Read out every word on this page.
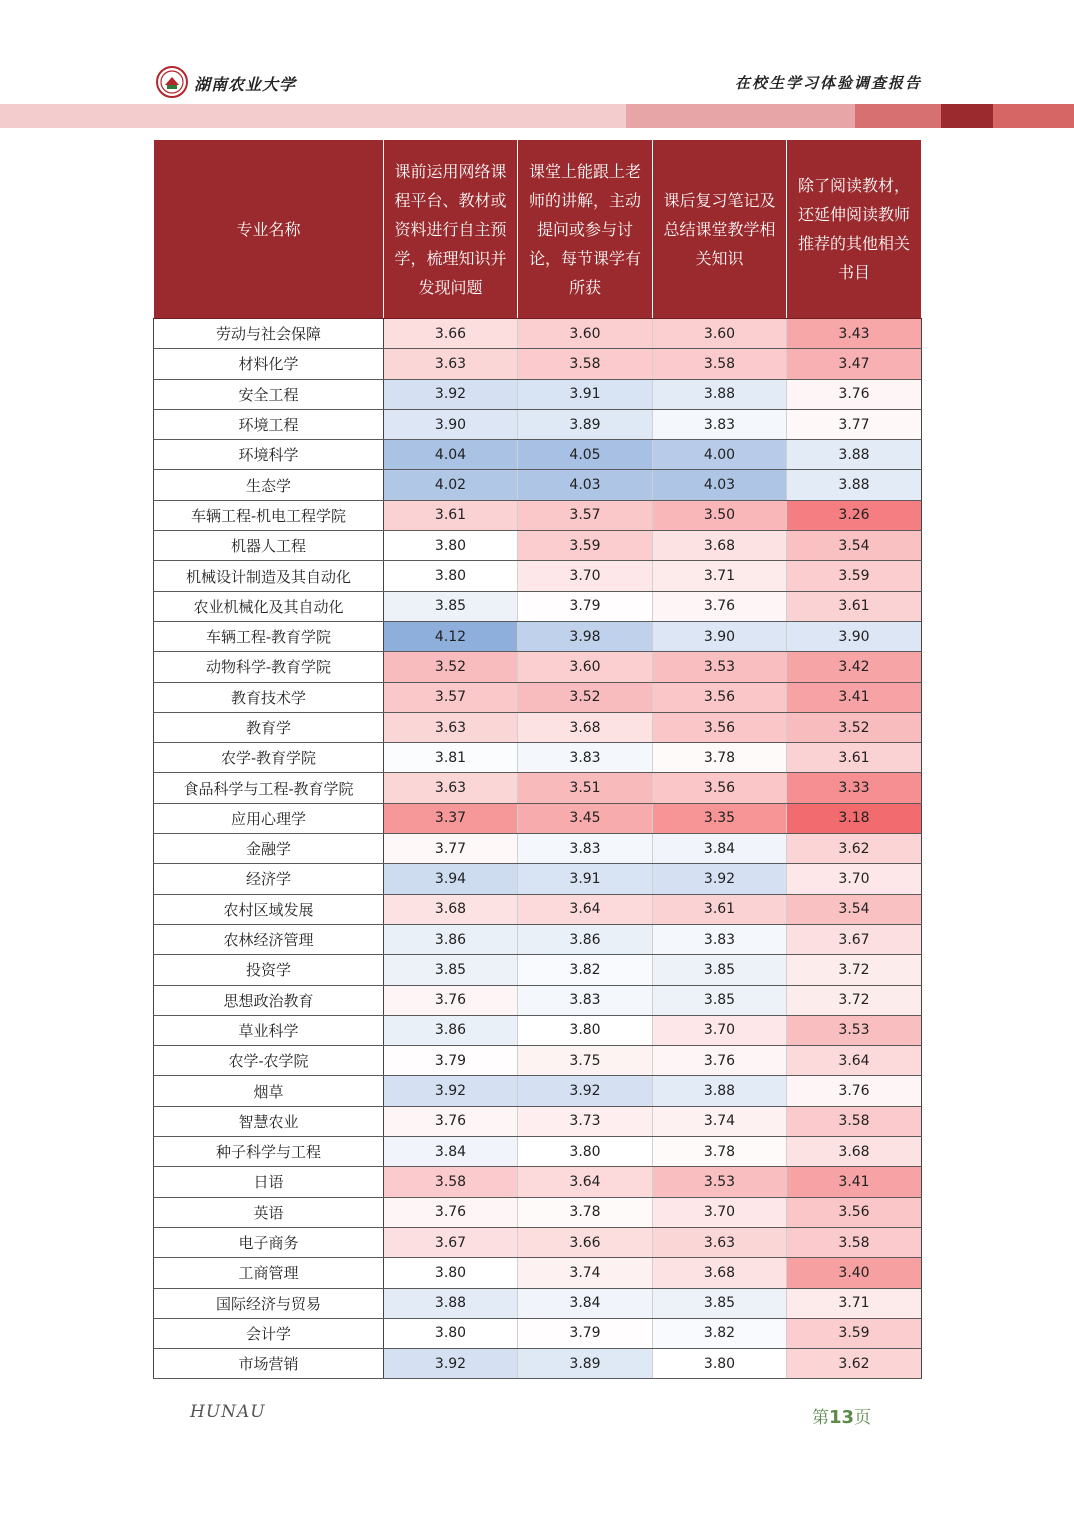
湖南农业大学	在校生学习体验调查报告
专业名称	课前运用网络课程平台、教材或资料进行自主预学，梳理知识并发现问题	课堂上能跟上老师的讲解，主动提问或参与讨论，每节课学有所获	课后复习笔记及总结课堂教学相关知识	除了阅读教材，还延伸阅读教师推荐的其他相关书目
劳动与社会保障	3.66	3.60	3.60	3.43
材料化学	3.63	3.58	3.58	3.47
安全工程	3.92	3.91	3.88	3.76
环境工程	3.90	3.89	3.83	3.77
环境科学	4.04	4.05	4.00	3.88
生态学	4.02	4.03	4.03	3.88
车辆工程-机电工程学院	3.61	3.57	3.50	3.26
机器人工程	3.80	3.59	3.68	3.54
机械设计制造及其自动化	3.80	3.70	3.71	3.59
农业机械化及其自动化	3.85	3.79	3.76	3.61
车辆工程-教育学院	4.12	3.98	3.90	3.90
动物科学-教育学院	3.52	3.60	3.53	3.42
教育技术学	3.57	3.52	3.56	3.41
教育学	3.63	3.68	3.56	3.52
农学-教育学院	3.81	3.83	3.78	3.61
食品科学与工程-教育学院	3.63	3.51	3.56	3.33
应用心理学	3.37	3.45	3.35	3.18
金融学	3.77	3.83	3.84	3.62
经济学	3.94	3.91	3.92	3.70
农村区域发展	3.68	3.64	3.61	3.54
农林经济管理	3.86	3.86	3.83	3.67
投资学	3.85	3.82	3.85	3.72
思想政治教育	3.76	3.83	3.85	3.72
草业科学	3.86	3.80	3.70	3.53
农学-农学院	3.79	3.75	3.76	3.64
烟草	3.92	3.92	3.88	3.76
智慧农业	3.76	3.73	3.74	3.58
种子科学与工程	3.84	3.80	3.78	3.68
日语	3.58	3.64	3.53	3.41
英语	3.76	3.78	3.70	3.56
电子商务	3.67	3.66	3.63	3.58
工商管理	3.80	3.74	3.68	3.40
国际经济与贸易	3.88	3.84	3.85	3.71
会计学	3.80	3.79	3.82	3.59
市场营销	3.92	3.89	3.80	3.62
HUNAU	第13页
